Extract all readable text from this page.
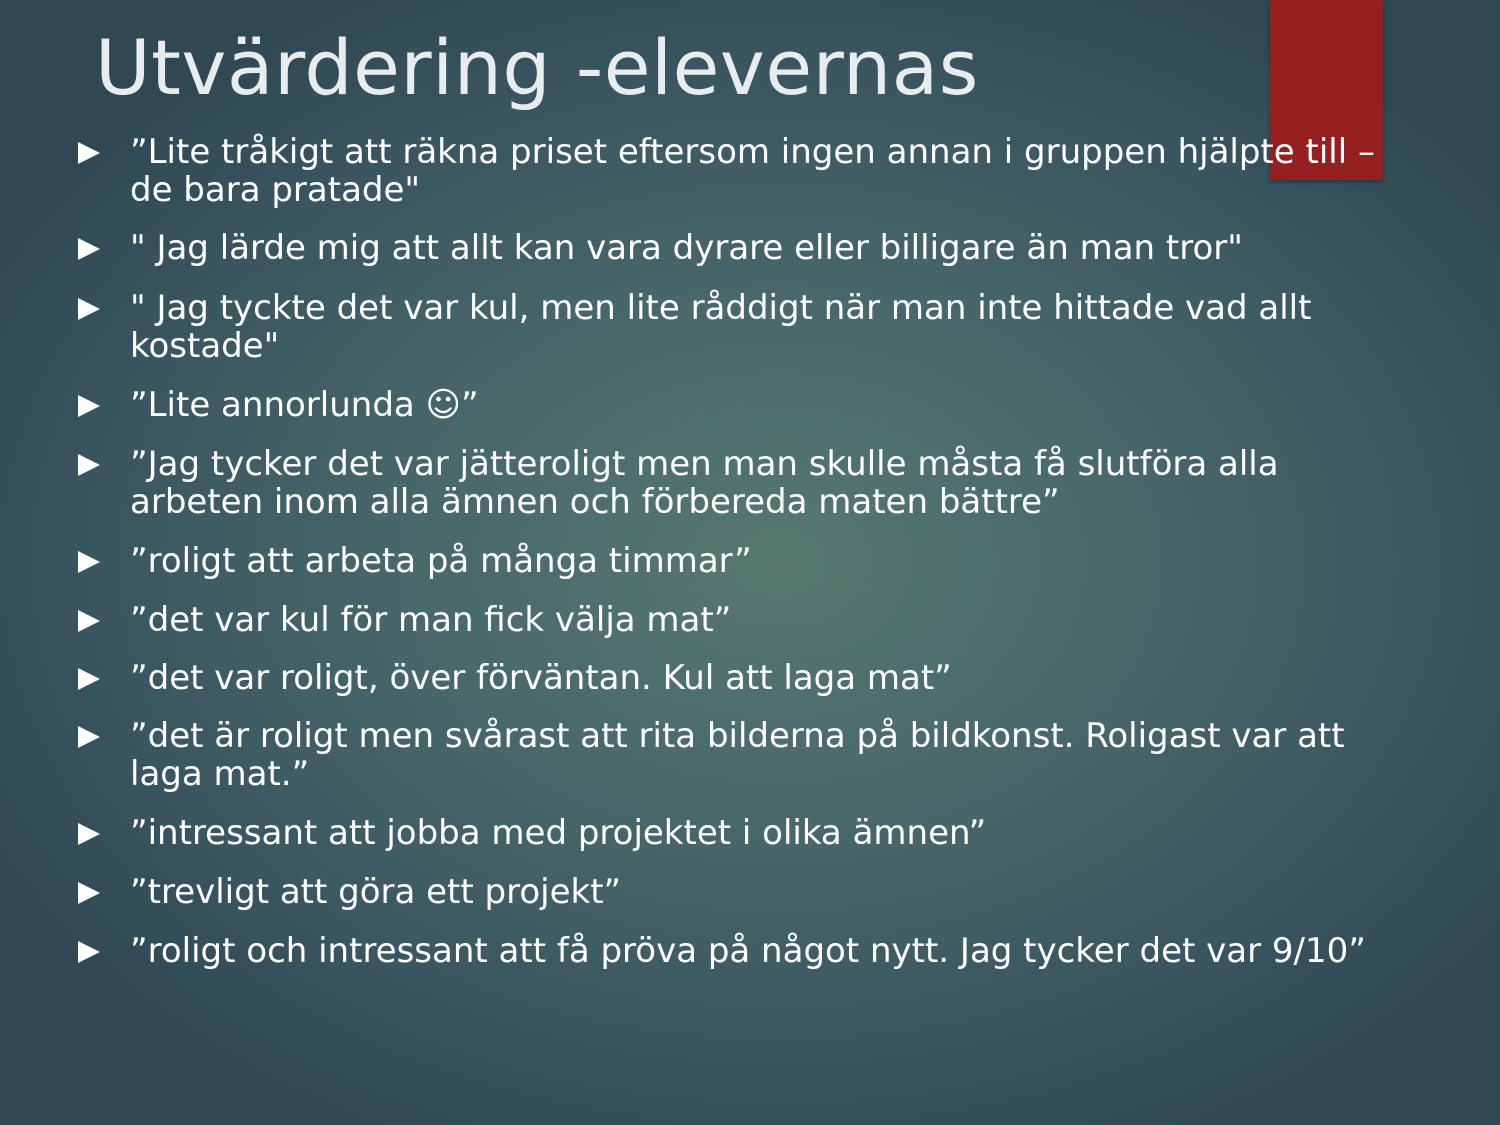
Utvärdering -elevernas
”Lite tråkigt att räkna priset eftersom ingen annan i gruppen hjälpte till – de bara pratade"
" Jag lärde mig att allt kan vara dyrare eller billigare än man tror"
" Jag tyckte det var kul, men lite råddigt när man inte hittade vad allt kostade"
”Lite annorlunda ☺”
”Jag tycker det var jätteroligt men man skulle måsta få slutföra alla arbeten inom alla ämnen och förbereda maten bättre”
”roligt att arbeta på många timmar”
”det var kul för man fick välja mat”
”det var roligt, över förväntan. Kul att laga mat”
”det är roligt men svårast att rita bilderna på bildkonst. Roligast var att laga mat.”
”intressant att jobba med projektet i olika ämnen”
”trevligt att göra ett projekt”
”roligt och intressant att få pröva på något nytt. Jag tycker det var 9/10”
